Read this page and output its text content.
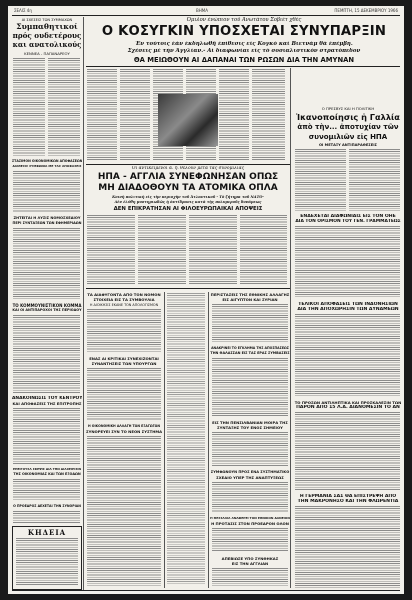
ΣΕΛΙΣ 4η	ΒΗΜΑ	ΠΕΜΠΤΗ, 15 ΔΕΚΕΜΒΡΙΟΥ 1966
ΑΙ ΣΧΕΣΕΙΣ ΤΩΝ ΣΥΜΜΑΧΩΝ
Συμπαθητικοί
πρός ουδετέρους
και ανατολικούς
ΚΕΝΝΕΑ - ΠΑΠΑΝΔΡΕΟΥ
ΣΤΑΣΙΜΟΝ ΟΙΚΟΝΟΜΙΚΩΝ ΑΠΟΦΑΣΕΩΝ
ΔΙΑΘΕΣΙΣ ΣΥΜΦΩΝΙΑ ΜΕ ΤΑΣ ΑΠΟΦΑΣΕΙΣ
ΖΗΤΕΙΤΑΙ Η ΛΥΣΙΣ ΝΟΜΟΣΧΕΔΙΟΥ
ΠΕΡΙ ΣΥΝΤΑΞΕΩΝ ΤΩΝ ΕΦΗΜΕΡΙΔΩΝ
ΤΟ ΚΟΜΜΟΥΝΙΣΤΙΚΟΝ ΚΟΜΜΑ
ΚΑΙ ΟΙ ΑΝΤΙΠΑΡΟΧΟΙ ΤΗΣ ΠΕΡΙΟΔΟΥ
ΑΝΑΚΟΙΝΩΣΙΣ ΤΟΥ ΚΕΝΤΡΟΥ
ΚΑΙ ΑΠΟΦΑΣΕΙΣ ΤΗΣ ΕΠΙΤΡΟΠΗΣ
ΕΠΕΙΓΟΥΣΑ ΣΚΕΨΙΣ ΔΙΑ ΤΗΝ ΔΙΑΧΕΙΡΙΣΙΝ
ΤΗΣ ΟΙΚΟΝΟΜΙΑΣ ΚΑΙ ΤΩΝ ΕΞΟΔΩΝ
Ο ΠΡΟΕΔΡΟΣ ΔΕΧΕΤΑΙ ΤΗΝ ΣΥΝΟΡΙΑΝ
ΚΗΔΕΙΑ
Όμιλον ένώπιον τοῦ Ἀνωτάτου Σοβιέτ χθές
Ο ΚΟΣΥΓΚΙΝ ΥΠΟΣΧΕΤΑΙ ΣΥΝΥΠΑΡΞΙΝ
Ἐν τούτοις ἐάν ἐκδηλωθῆ ἐπίθεσις εἰς Κογκὸ καὶ Βιετνάμ θὰ ἐπέμβη.
Σχέσεις μὲ τὴν Ἀγγλίαν.- Αἱ διαφωνίαι εἰς τὸ σοσιαλιστικὸν στρατόπεδον
ΘΑ ΜΕΙΩΘΟΥΝ ΑΙ ΔΑΠΑΝΑΙ ΤΩΝ ΡΩΣΩΝ ΔΙΑ ΤΗΝ ΑΜΥΝΑΝ
Ο ΠΡΕΣΒΥΣ ΚΑΙ Η ΠΟΛΙΤΙΚΗ
Ἰκανοποίησις ἡ Γαλλία
ἀπὸ τὴν... ἀποτυχίαν τῶν
συνομιλιῶν εἰς ΗΠΑ
ΟΙ ΜΕΤΑΞΥ ΑΝΤΙΠΑΡΑΘΕΣΕΙΣ
ΕΝΔΕΧΕΤΑΙ ΔΙΑΦΩΝΙΑΙΣ ΕΙΣ ΤΟΝ ΟΗΕ
ΔΙΑ ΤΟΝ ΟΡΙΣΜΟΝ ΤΟΥ ΓΕΝ. ΓΡΑΜΜΑΤΕΩΣ
ΤΕΛΙΚΟΙ ΑΠΟΦΑΣΕΙΣ ΤΩΝ ΙΝΔΟΝΗΣΙΩΝ
ΔΙΑ ΤΗΝ ΑΠΟΧΩΡΗΣΙΝ ΤΩΝ ΔΥΝΑΜΕΩΝ
ΤΟ ΠΡΟΣΩΝ ΑΝΤΙΛΗΠΤΙΚΑ ΚΑΙ ΠΡΟΣΚΑΛΕΣΙΝ ΤΩΝ
ΠΑΡΟΝ ΑΠΟ 15 Λ.Α. ΔΙΑΝΟΜΕΣΙΝ ΤΟ ΑΝ
Η ΓΕΡΜΑΝΙΑ ΣΑΣ ΘΑ ΕΠΙΣΤΡΕΨΗ ΑΠΟ
ΤΗΝ ΜΑΚΡΟΝΗΣΟ ΚΑΙ ΤΗΝ ΦΛΩΡΕΝΤΙΑ
Οἱ ἀντικείμενοι ἀ. ἡ. θέλουν μετὰ τὰς συνομιλίας
ΗΠΑ - ΑΓΓΛΙΑ ΣΥΝΕΦΩΝΗΣΑΝ ΟΠΩΣ
ΜΗ ΔΙΑΔΟΘΟΥΝ ΤΑ ΑΤΟΜΙΚΑ ΟΠΛΑ
Κοινὴ πολιτικὴ εἰς τὴν περιοχὴν τοῦ Ἀτλαντικοῦ - Τὸ ζήτημα τοῦ ΝΑΤΟ-
Δὲν ἐλύθη μυστηριωδῶς ἡ ἀντίδρασις κατὰ τὴς πολυμεροῦς δυνάμεως
ΔΕΝ ΕΠΙΚΡΑΤΗΣΑΝ ΑΙ ΦΙΛΟΕΥΡΩΠΑΪΚΑΙ ΑΠΟΨΕΙΣ
ΤΑ ΔΙΑΦΥΓΟΝΤΑ ΑΠΟ ΤΟΝ ΝΟΜΟΝ
ΣΤΟΙΧΕΙΑ ΕΙΣ ΤΑ ΣΥΜΒΟΥΛΙΑ
Η ΔΙΟΙΚΗΣΙΣ ΕΚΑΝΕ ΤΟΝ ΑΠΟΛΟΓΙΣΜΟΝ
ΕΝΑΣ ΑΙ ΚΡΙΤΙΚΑΙ ΣΥΝΕΧΙΖΟΝΤΑΙ
ΣΥΝΑΝΤΗΣΕΙΣ ΤΩΝ ΥΠΟΥΡΓΩΝ
Η ΟΙΚΟΝΟΜΙΚΗ ΑΛΛΑΓΗ ΤΩΝ ΕΞΑΓΩΓΩΝ
ΣΥΝΟΡΕΥΕΙ ΣΥΝ ΤΟ ΝΕΟΝ ΣΥΣΤΗΜΑ
ΠΕΡΙΣΤΑΣΕΙΣ ΤΗΣ ΕΘΝΙΚΗΣ ΑΛΛΑΓΗΣ
ΕΙΣ ΑΙΓΥΠΤΟΝ ΚΑΙ ΣΥΡΙΑΝ
ΑΝΑΚΡΙΝΕΙ ΤΟ ΕΓΚΛΗΜΑ ΤΗΣ ΑΠΟΣΠΑΣΕΩΣ
ΤΗΝ ΘΑΛΑΣΣΑΝ ΕΙΣ ΤΑΣ ΕΡΑΣ ΣΥΜΒΑΣΕΙΣ
ΕΙΣ ΤΗΝ ΠΕΝΣΙΛΒΑΝΙΑΝ ΜΟΙΡΑ ΤΗΣ
ΣΥΝΤΑΞΗΣ ΤΟΥ ΕΝΟΣ ΣΗΜΕΙΟΥ
ΣΥΜΦΩΝΟΥΝ ΠΡΟΣ ΕΝΑ ΣΥΣΤΗΜΑΤΙΚΟ
ΣΧΕΔΙΟ ΥΠΕΡ ΤΗΣ ΑΝΑΠΤΥΞΕΩΣ
Η ΘΕΣΣΑΛΙΑ ΑΝΑΦΕΡΕΙ ΤΟΝ ΕΘΝΙΚΟΝ ΔΑΝΕΙΟΝ
Η ΠΡΟΤΑΣΙΣ ΣΤΟΝ ΠΡΟΕΔΡΟΝ ΟΛΟΝ
ΑΠΕΒΙΩΣΕ ΥΠΟ ΣΥΝΘΗΚΑΣ
ΕΙΣ ΤΗΝ ΑΓΓΛΙΑΝ
